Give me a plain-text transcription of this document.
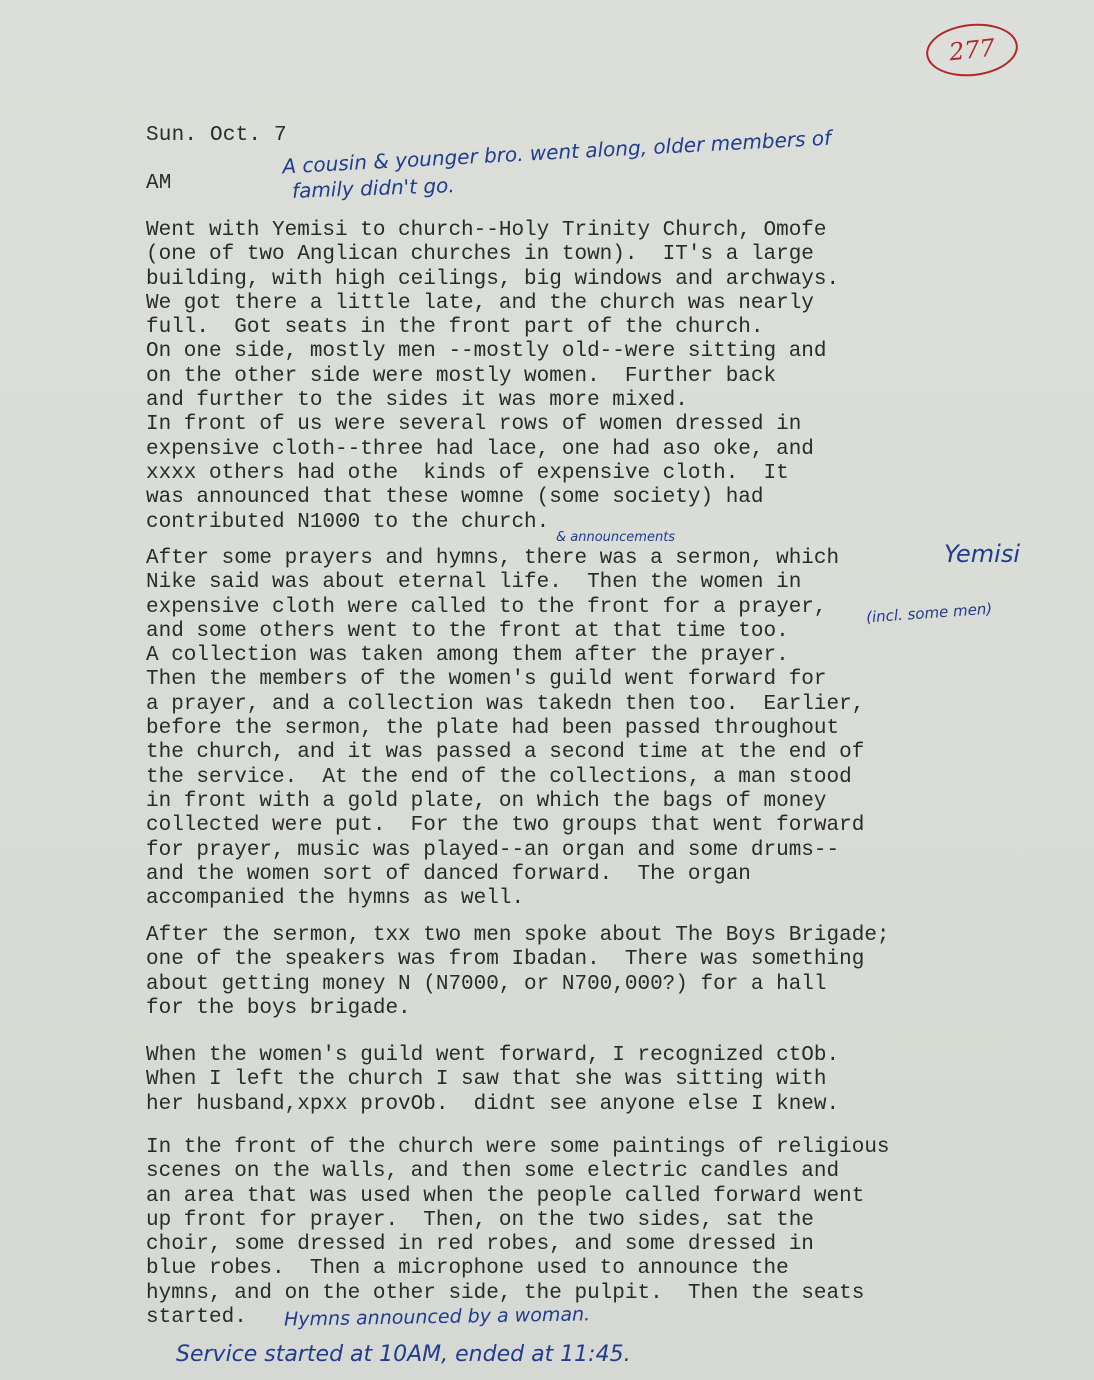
277
Sun. Oct. 7
AM
A cousin & younger bro. went along, older members of
family didn't go.
Went with Yemisi to church--Holy Trinity Church, Omofe
(one of two Anglican churches in town).  IT's a large
building, with high ceilings, big windows and archways.
We got there a little late, and the church was nearly
full.  Got seats in the front part of the church.
On one side, mostly men --mostly old--were sitting and
on the other side were mostly women.  Further back
and further to the sides it was more mixed.
In front of us were several rows of women dressed in
expensive cloth--three had lace, one had aso oke, and
xxxx others had othe  kinds of expensive cloth.  It
was announced that these womne (some society) had
contributed N1000 to the church.
& announcements
Yemisi
After some prayers and hymns, there was a sermon, which
Nike said was about eternal life.  Then the women in
expensive cloth were called to the front for a prayer,
and some others went to the front at that time too.
A collection was taken among them after the prayer.
Then the members of the women's guild went forward for
a prayer, and a collection was takedn then too.  Earlier,
before the sermon, the plate had been passed throughout
the church, and it was passed a second time at the end of
the service.  At the end of the collections, a man stood
in front with a gold plate, on which the bags of money
collected were put.  For the two groups that went forward
for prayer, music was played--an organ and some drums--
and the women sort of danced forward.  The organ
accompanied the hymns as well.
(incl. some men)
After the sermon, txx two men spoke about The Boys Brigade;
one of the speakers was from Ibadan.  There was something
about getting money N (N7000, or N700,000?) for a hall
for the boys brigade.
When the women's guild went forward, I recognized ctOb.
When I left the church I saw that she was sitting with
her husband,xpxx provOb.  didnt see anyone else I knew.
In the front of the church were some paintings of religious
scenes on the walls, and then some electric candles and
an area that was used when the people called forward went
up front for prayer.  Then, on the two sides, sat the
choir, some dressed in red robes, and some dressed in
blue robes.  Then a microphone used to announce the
hymns, and on the other side, the pulpit.  Then the seats
started.	Hymns announced by a woman.
Service started at 10AM, ended at 11:45.
